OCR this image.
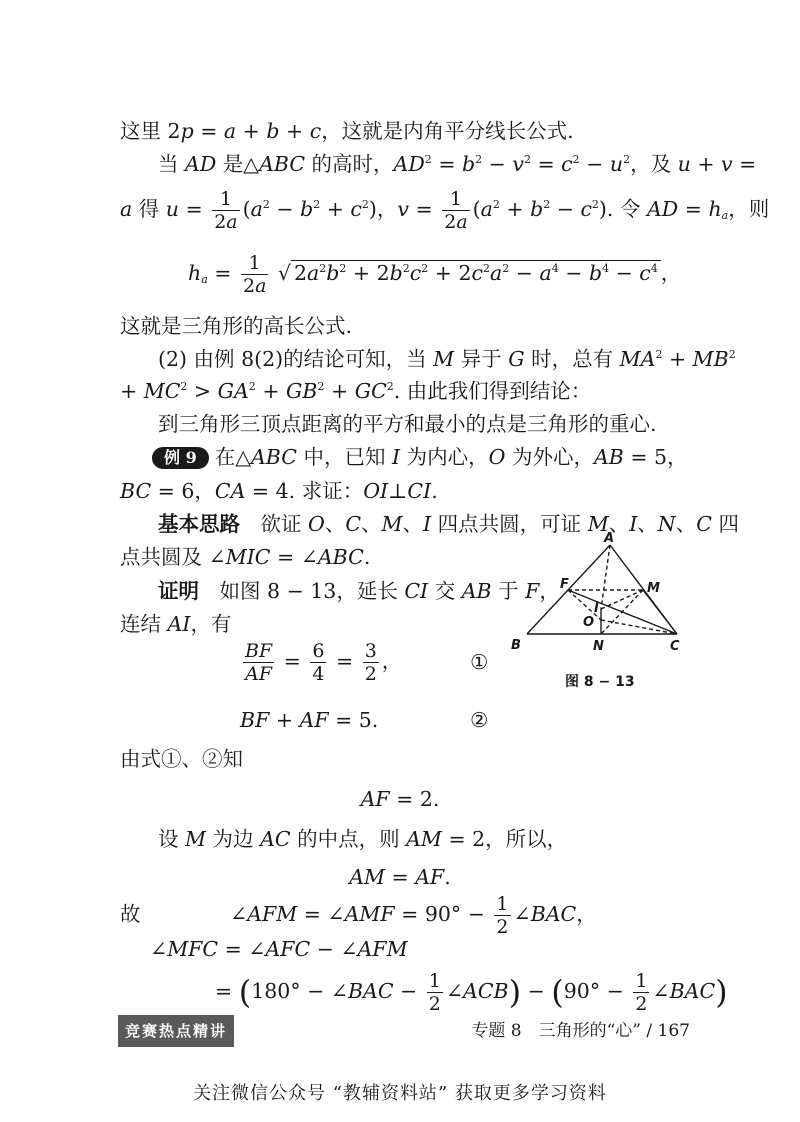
这里 2p = a + b + c，这就是内角平分线长公式.
当 AD 是△ABC 的高时，$AD^2 = b^2 - v^2 = c^2 - u^2$，及 u + v =
a 得 $u = \frac{1}{2a} (a^2 - b^2 + c^2)$，$v = \frac{1}{2a} (a^2 + b^2 - c^2)$. 令 AD = $h_a$，则
$h_a = \frac{1}{2a}$ √ $2a^2b^2 + 2b^2c^2 + 2c^2a^2 - a^4 - b^4 - c^4$ ，
这就是三角形的高长公式.
(2) 由例 8(2)的结论可知，当 M 异于 G 时，总有 $MA^2 + MB^2$
+ $MC^2 > GA^2 + GB^2 + GC^2$. 由此我们得到结论：
到三角形三顶点距离的平方和最小的点是三角形的重心.
例 9 在△ABC 中，已知 I 为内心，O 为外心，AB = 5，
BC = 6，CA = 4. 求证：OI⊥CI.
基本思路　欲证 O、C、M、I 四点共圆，可证 M、I、N、C 四
点共圆及 ∠MIC = ∠ABC.
证明　如图 8 − 13，延长 CI 交 AB 于 F，
连结 AI，有
$\frac{BF}{AF} = \frac{6}{4} = \frac{3}{2}$ ，	①
BF + AF = 5.	②
由式①、②知
AF = 2.
设 M 为边 AC 的中点，则 AM = 2，所以，
AM = AF.
故	∠AFM = ∠AMF = $90^\circ - \frac{1}{2}$ ∠BAC，
∠MFC = ∠AFC − ∠AFM
= (180° − ∠BAC − $\frac{1}{2}$ ∠ACB) − ($90^\circ - \frac{1}{2}$ ∠BAC)
A
B	C
F	M
I
O
N
图 8 − 13
竞赛热点精讲	专题 8　三角形的“心” / 167
关注微信公众号 “教辅资料站” 获取更多学习资料
